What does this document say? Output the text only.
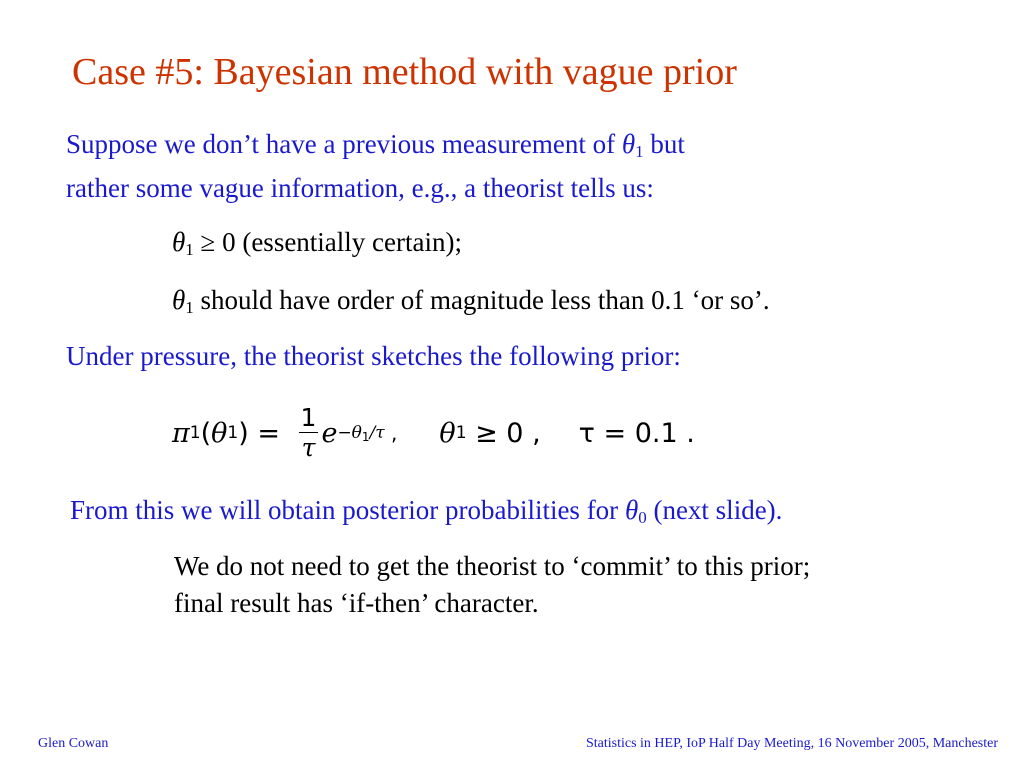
Case #5: Bayesian method with vague prior
Suppose we don’t have a previous measurement of $\theta_1$ but
rather some vague information, e.g., a theorist tells us:
$\theta_1 \ge 0$ (essentially certain);
$\theta_1$ should have order of magnitude less than 0.1 ‘or so’.
Under pressure, the theorist sketches the following prior:
π 1 ( θ 1 ) = $\frac{1}{\tau}$ e −θ1/τ , θ 1 ≥ 0 , τ = 0.1 .
From this we will obtain posterior probabilities for $\theta_0$ (next slide).
We do not need to get the theorist to ‘commit’ to this prior;
final result has ‘if-then’ character.
Glen Cowan	Statistics in HEP, IoP Half Day Meeting, 16 November 2005, Manchester
